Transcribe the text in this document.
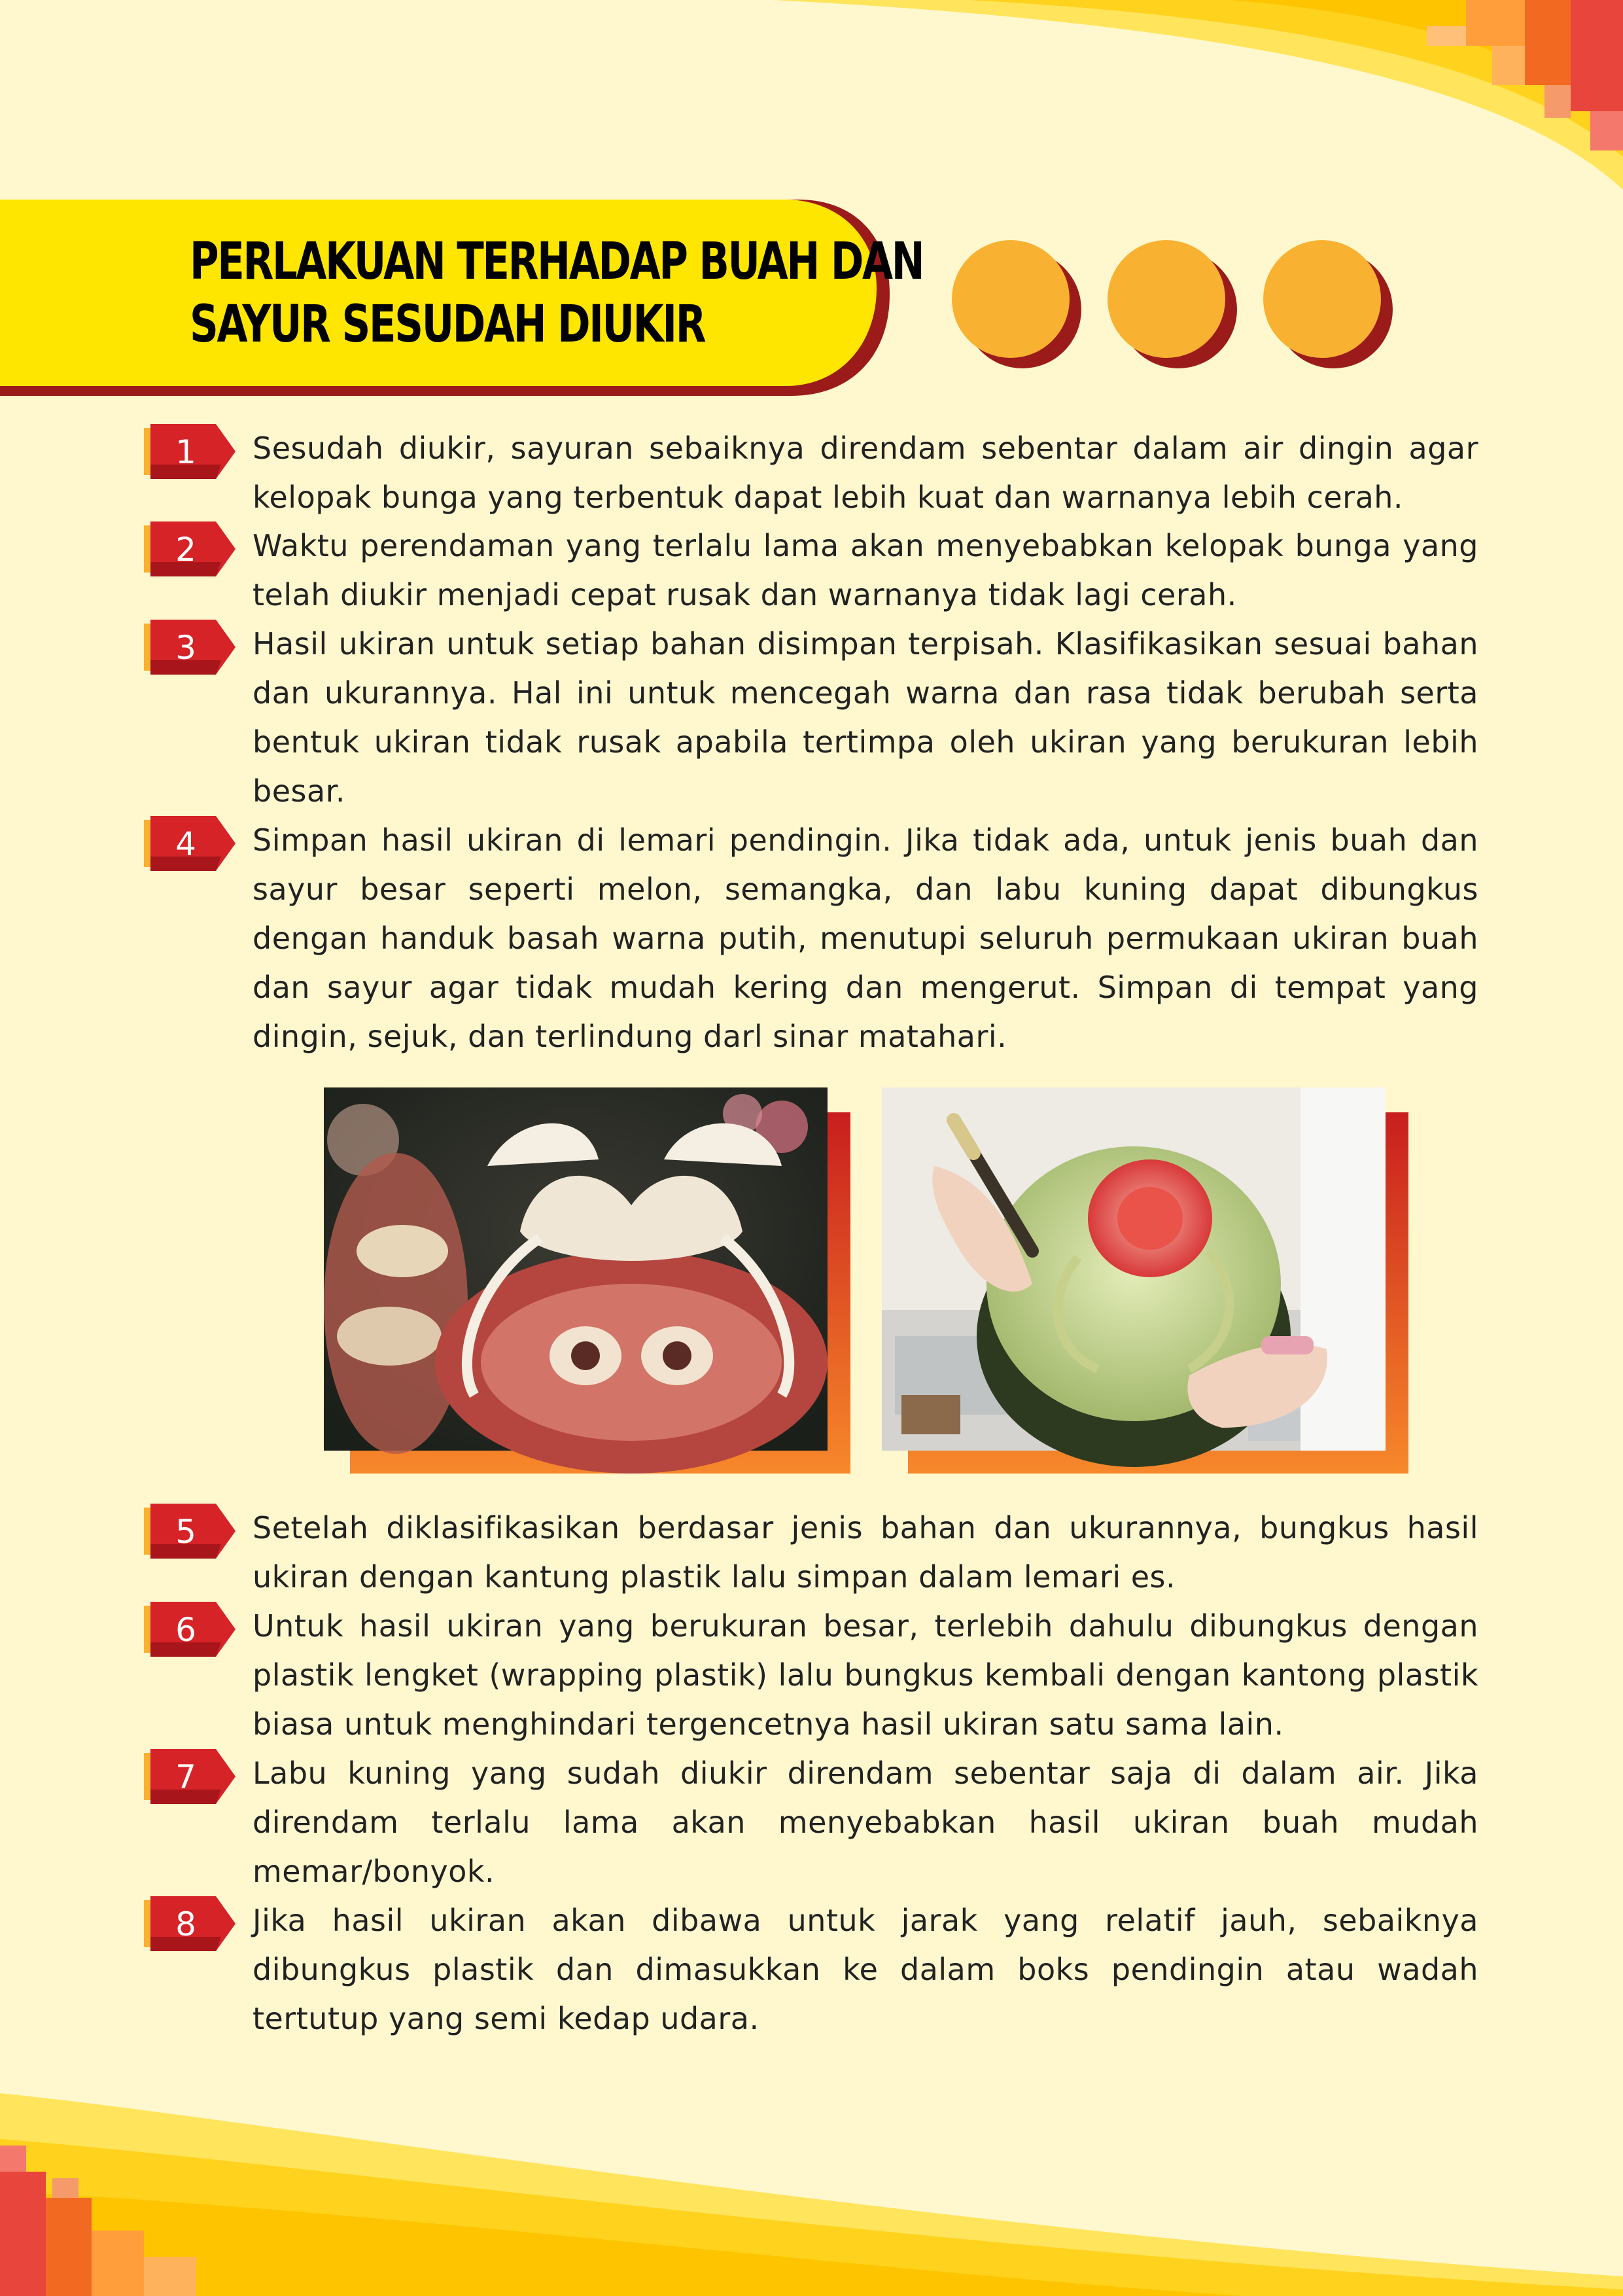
PERLAKUAN TERHADAP BUAH DAN
SAYUR SESUDAH DIUKIR
1	Sesudah diukir, sayuran sebaiknya direndam sebentar dalam air dingin agar kelopak bunga yang terbentuk dapat lebih kuat dan warnanya lebih cerah.
2	Waktu perendaman yang terlalu lama akan menyebabkan kelopak bunga yang telah diukir menjadi cepat rusak dan warnanya tidak lagi cerah.
3	Hasil ukiran untuk setiap bahan disimpan terpisah. Klasifikasikan sesuai bahan dan ukurannya. Hal ini untuk mencegah warna dan rasa tidak berubah serta bentuk ukiran tidak rusak apabila tertimpa oleh ukiran yang berukuran lebih besar.
4	Simpan hasil ukiran di lemari pendingin. Jika tidak ada, untuk jenis buah dan sayur besar seperti melon, semangka, dan labu kuning dapat dibungkus dengan handuk basah warna putih, menutupi seluruh permukaan ukiran buah dan sayur agar tidak mudah kering dan mengerut. Simpan di tempat yang dingin, sejuk, dan terlindung darl sinar matahari.
5	Setelah diklasifikasikan berdasar jenis bahan dan ukurannya, bungkus hasil ukiran dengan kantung plastik lalu simpan dalam lemari es.
6	Untuk hasil ukiran yang berukuran besar, terlebih dahulu dibungkus dengan plastik lengket (wrapping plastik) lalu bungkus kembali dengan kantong plastik biasa untuk menghindari tergencetnya hasil ukiran satu sama lain.
7	Labu kuning yang sudah diukir direndam sebentar saja di dalam air. Jika direndam terlalu lama akan menyebabkan hasil ukiran buah mudah memar/bonyok.
8	Jika hasil ukiran akan dibawa untuk jarak yang relatif jauh, sebaiknya dibungkus plastik dan dimasukkan ke dalam boks pendingin atau wadah tertutup yang semi kedap udara.
